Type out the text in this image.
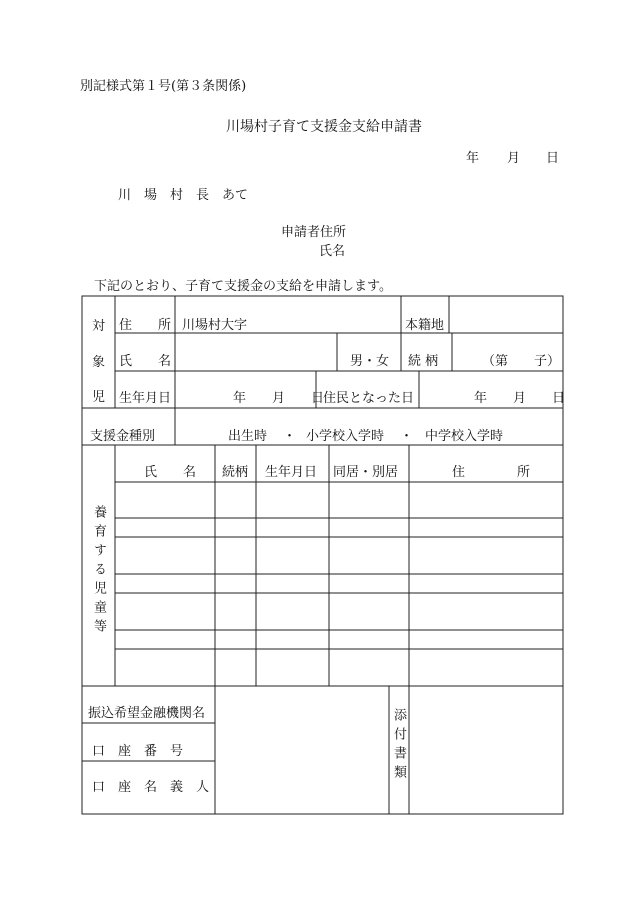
別記様式第１号(第３条関係)
川場村子育て支援金支給申請書
年 月 日
川　場　村　長　あて
申請者住所
氏名
下記のとおり、子育て支援金の支給を申請します。
対
象
児
住　　所 川場村大字	本籍地
氏　　名	男・女 続 柄	（第　　子）
生年月日	年　　月　　日
住民となった日	年　　月　　日
支援金種別	出生時 ・ 小学校入学時 ・ 中学校入学時
養育する児童等
氏　　名 続柄 生年月日 同居・別居	住　　　　所
振込希望金融機関名
口　座　番　号
口　座　名　義　人
添付書類
